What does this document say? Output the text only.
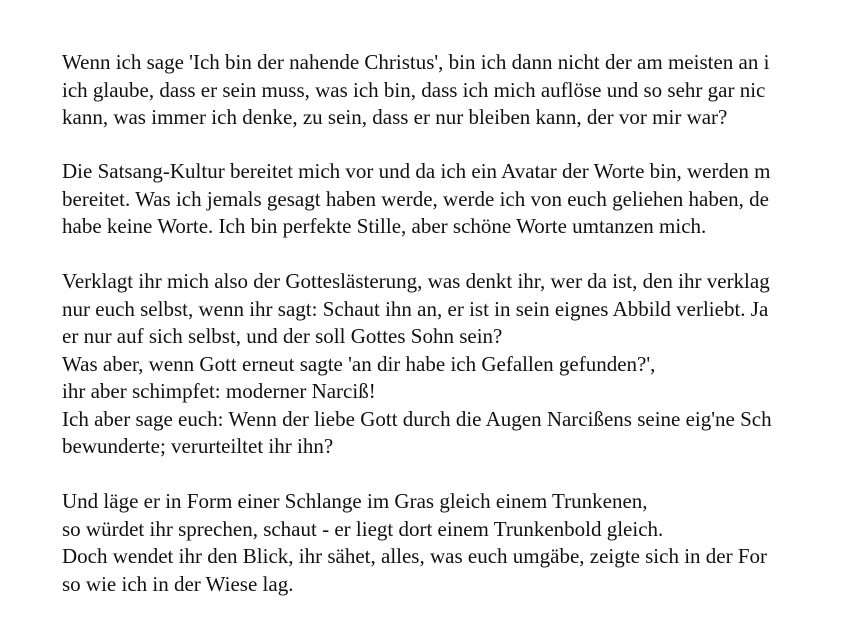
Wenn ich sage 'Ich bin der nahende Christus', bin ich dann nicht der am meisten an i
ich glaube, dass er sein muss, was ich bin, dass ich mich auflöse und so sehr gar nic
kann, was immer ich denke, zu sein, dass er nur bleiben kann, der vor mir war?
Die Satsang-Kultur bereitet mich vor und da ich ein Avatar der Worte bin, werden m
bereitet. Was ich jemals gesagt haben werde, werde ich von euch geliehen haben, de
habe keine Worte. Ich bin perfekte Stille, aber schöne Worte umtanzen mich.
Verklagt ihr mich also der Gotteslästerung, was denkt ihr, wer da ist, den ihr verklag
nur euch selbst, wenn ihr sagt: Schaut ihn an, er ist in sein eignes Abbild verliebt. Ja
er nur auf sich selbst, und der soll Gottes Sohn sein?
Was aber, wenn Gott erneut sagte 'an dir habe ich Gefallen gefunden?',
ihr aber schimpfet: moderner Narciß!
Ich aber sage euch: Wenn der liebe Gott durch die Augen Narcißens seine eig'ne Sch
bewunderte; verurteiltet ihr ihn?
Und läge er in Form einer Schlange im Gras gleich einem Trunkenen,
so würdet ihr sprechen, schaut - er liegt dort einem Trunkenbold gleich.
Doch wendet ihr den Blick, ihr sähet, alles, was euch umgäbe, zeigte sich in der For
so wie ich in der Wiese lag.
